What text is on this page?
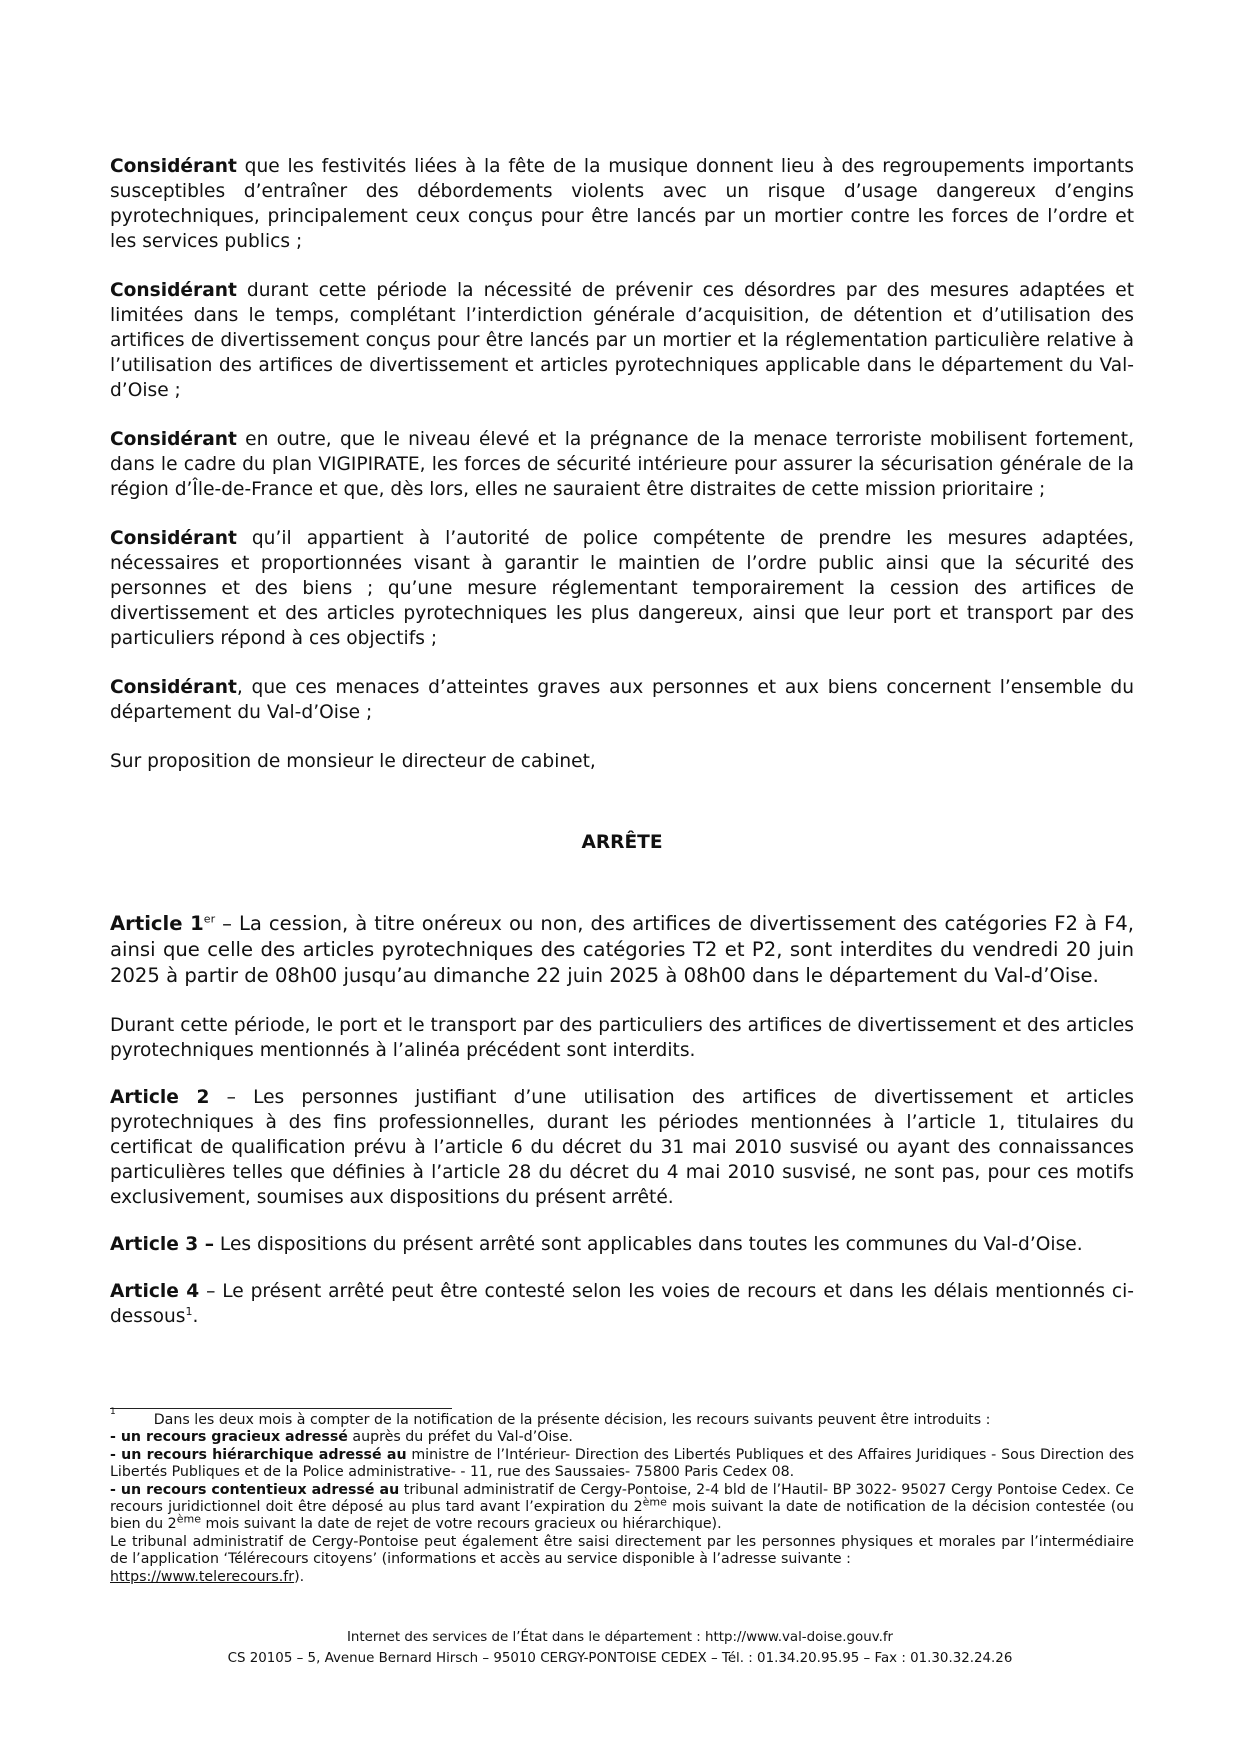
Considérant que les festivités liées à la fête de la musique donnent lieu à des regroupements importants susceptibles d’entraîner des débordements violents avec un risque d’usage dangereux d’engins pyrotechniques, principalement ceux conçus pour être lancés par un mortier contre les forces de l’ordre et les services publics ;

Considérant durant cette période la nécessité de prévenir ces désordres par des mesures adaptées et limitées dans le temps, complétant l’interdiction générale d’acquisition, de détention et d’utilisation des artifices de divertissement conçus pour être lancés par un mortier et la réglementation particulière relative à l’utilisation des artifices de divertissement et articles pyrotechniques applicable dans le département du Val-d’Oise ;

Considérant en outre, que le niveau élevé et la prégnance de la menace terroriste mobilisent fortement, dans le cadre du plan VIGIPIRATE, les forces de sécurité intérieure pour assurer la sécurisation générale de la région d’Île-de-France et que, dès lors, elles ne sauraient être distraites de cette mission prioritaire ;

Considérant qu’il appartient à l’autorité de police compétente de prendre les mesures adaptées, nécessaires et proportionnées visant à garantir le maintien de l’ordre public ainsi que la sécurité des personnes et des biens ; qu’une mesure réglementant temporairement la cession des artifices de divertissement et des articles pyrotechniques les plus dangereux, ainsi que leur port et transport par des particuliers répond à ces objectifs ;

Considérant, que ces menaces d’atteintes graves aux personnes et aux biens concernent l’ensemble du département du Val-d’Oise ;

Sur proposition de monsieur le directeur de cabinet,

ARRÊTE

Article 1er – La cession, à titre onéreux ou non, des artifices de divertissement des catégories F2 à F4, ainsi que celle des articles pyrotechniques des catégories T2 et P2, sont interdites du vendredi 20 juin 2025 à partir de 08h00 jusqu’au dimanche 22 juin 2025 à 08h00 dans le département du Val-d’Oise.

Durant cette période, le port et le transport par des particuliers des artifices de divertissement et des articles pyrotechniques mentionnés à l’alinéa précédent sont interdits.

Article 2 – Les personnes justifiant d’une utilisation des artifices de divertissement et articles pyrotechniques à des fins professionnelles, durant les périodes mentionnées à l’article 1, titulaires du certificat de qualification prévu à l’article 6 du décret du 31 mai 2010 susvisé ou ayant des connaissances particulières telles que définies à l’article 28 du décret du 4 mai 2010 susvisé, ne sont pas, pour ces motifs exclusivement, soumises aux dispositions du présent arrêté.

Article 3 – Les dispositions du présent arrêté sont applicables dans toutes les communes du Val-d’Oise.

Article 4 – Le présent arrêté peut être contesté selon les voies de recours et dans les délais mentionnés ci-dessous$^1$.

$^1$	Dans les deux mois à compter de la notification de la présente décision, les recours suivants peuvent être introduits :

- un recours gracieux adressé auprès du préfet du Val-d’Oise.

- un recours hiérarchique adressé au ministre de l’Intérieur- Direction des Libertés Publiques et des Affaires Juridiques - Sous Direction des Libertés Publiques et de la Police administrative- - 11, rue des Saussaies- 75800 Paris Cedex 08.

- un recours contentieux adressé au tribunal administratif de Cergy-Pontoise, 2-4 bld de l’Hautil- BP 3022- 95027 Cergy Pontoise Cedex. Ce recours juridictionnel doit être déposé au plus tard avant l’expiration du 2ème mois suivant la date de notification de la décision contestée (ou bien du 2ème mois suivant la date de rejet de votre recours gracieux ou hiérarchique).

Le tribunal administratif de Cergy-Pontoise peut également être saisi directement par les personnes physiques et morales par l’intermédiaire de l’application ‘Télérecours citoyens’ (informations et accès au service disponible à l’adresse suivante :
https://www.telerecours.fr).

Internet des services de l’État dans le département : http://www.val-doise.gouv.fr
CS 20105 – 5, Avenue Bernard Hirsch – 95010 CERGY-PONTOISE CEDEX – Tél. : 01.34.20.95.95 – Fax : 01.30.32.24.26
